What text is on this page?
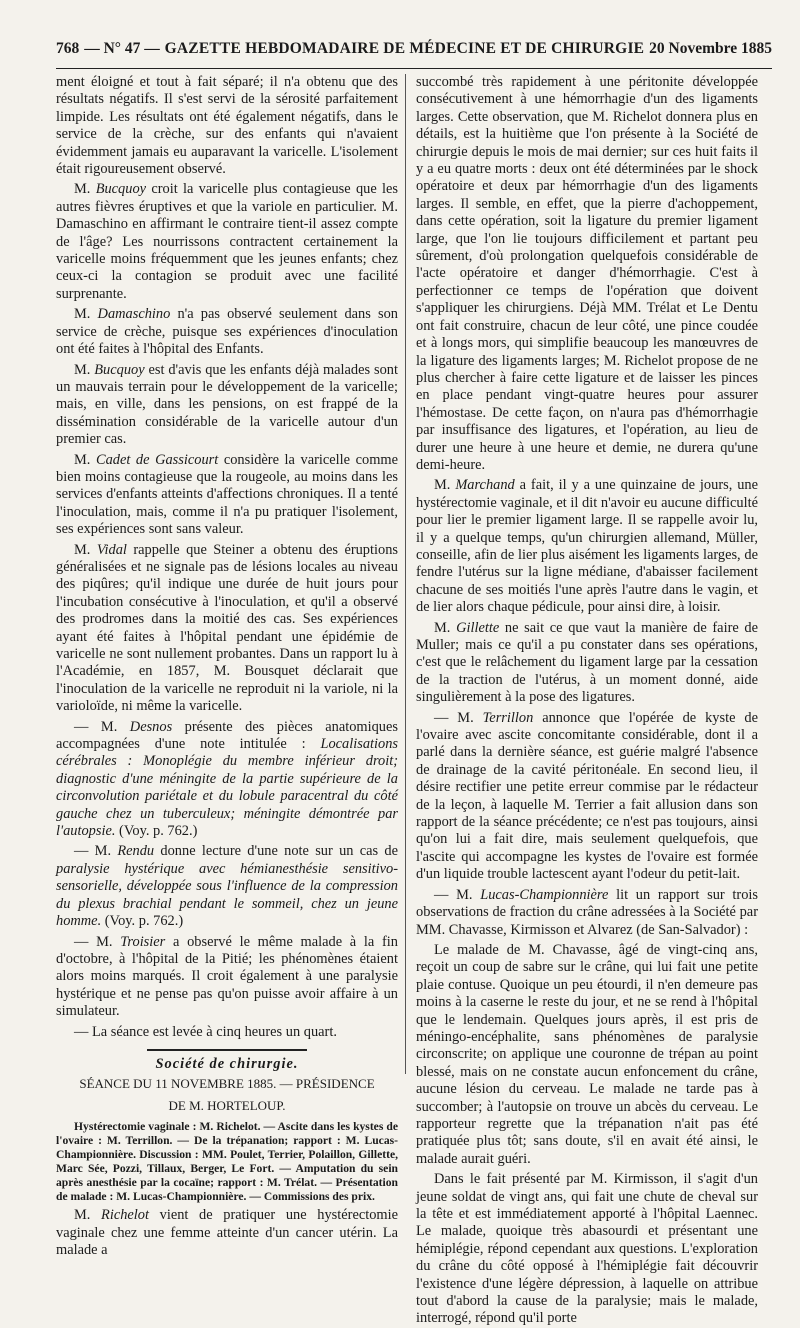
768 — N° 47 — GAZETTE HEBDOMADAIRE DE MÉDECINE ET DE CHIRURGIE 20 Novembre 1885

ment éloigné et tout à fait séparé; il n'a obtenu que des résultats négatifs. Il s'est servi de la sérosité parfaitement limpide. Les résultats ont été également négatifs, dans le service de la crèche, sur des enfants qui n'avaient évidemment jamais eu auparavant la varicelle. L'isolement était rigoureusement observé.

M. Bucquoy croit la varicelle plus contagieuse que les autres fièvres éruptives et que la variole en particulier. M. Damaschino en affirmant le contraire tient-il assez compte de l'âge? Les nourrissons contractent certainement la varicelle moins fréquemment que les jeunes enfants; chez ceux-ci la contagion se produit avec une facilité surprenante.

M. Damaschino n'a pas observé seulement dans son service de crèche, puisque ses expériences d'inoculation ont été faites à l'hôpital des Enfants.

M. Bucquoy est d'avis que les enfants déjà malades sont un mauvais terrain pour le développement de la varicelle; mais, en ville, dans les pensions, on est frappé de la dissémination considérable de la varicelle autour d'un premier cas.

M. Cadet de Gassicourt considère la varicelle comme bien moins contagieuse que la rougeole, au moins dans les services d'enfants atteints d'affections chroniques. Il a tenté l'inoculation, mais, comme il n'a pu pratiquer l'isolement, ses expériences sont sans valeur.

M. Vidal rappelle que Steiner a obtenu des éruptions généralisées et ne signale pas de lésions locales au niveau des piqûres; qu'il indique une durée de huit jours pour l'incubation consécutive à l'inoculation, et qu'il a observé des prodromes dans la moitié des cas. Ses expériences ayant été faites à l'hôpital pendant une épidémie de varicelle ne sont nullement probantes. Dans un rapport lu à l'Académie, en 1857, M. Bousquet déclarait que l'inoculation de la varicelle ne reproduit ni la variole, ni la varioloïde, ni même la varicelle.

— M. Desnos présente des pièces anatomiques accompagnées d'une note intitulée : Localisations cérébrales : Monoplégie du membre inférieur droit; diagnostic d'une méningite de la partie supérieure de la circonvolution pariétale et du lobule paracentral du côté gauche chez un tuberculeux; méningite démontrée par l'autopsie. (Voy. p. 762.)

— M. Rendu donne lecture d'une note sur un cas de paralysie hystérique avec hémianesthésie sensitivo-sensorielle, développée sous l'influence de la compression du plexus brachial pendant le sommeil, chez un jeune homme. (Voy. p. 762.)

— M. Troisier a observé le même malade à la fin d'octobre, à l'hôpital de la Pitié; les phénomènes étaient alors moins marqués. Il croit également à une paralysie hystérique et ne pense pas qu'on puisse avoir affaire à un simulateur.

— La séance est levée à cinq heures un quart.

Société de chirurgie.
SÉANCE DU 11 NOVEMBRE 1885. — PRÉSIDENCE
DE M. HORTELOUP.

Hystérectomie vaginale : M. Richelot. — Ascite dans les kystes de l'ovaire : M. Terrillon. — De la trépanation; rapport : M. Lucas-Championnière. Discussion : MM. Poulet, Terrier, Polaillon, Gillette, Marc Sée, Pozzi, Tillaux, Berger, Le Fort. — Amputation du sein après anesthésie par la cocaïne; rapport : M. Trélat. — Présentation de malade : M. Lucas-Championnière. — Commissions des prix.

M. Richelot vient de pratiquer une hystérectomie vaginale chez une femme atteinte d'un cancer utérin. La malade a

succombé très rapidement à une péritonite développée consécutivement à une hémorrhagie d'un des ligaments larges. Cette observation, que M. Richelot donnera plus en détails, est la huitième que l'on présente à la Société de chirurgie depuis le mois de mai dernier; sur ces huit faits il y a eu quatre morts : deux ont été déterminées par le shock opératoire et deux par hémorrhagie d'un des ligaments larges. Il semble, en effet, que la pierre d'achoppement, dans cette opération, soit la ligature du premier ligament large, que l'on lie toujours difficilement et partant peu sûrement, d'où prolongation quelquefois considérable de l'acte opératoire et danger d'hémorrhagie. C'est à perfectionner ce temps de l'opération que doivent s'appliquer les chirurgiens. Déjà MM. Trélat et Le Dentu ont fait construire, chacun de leur côté, une pince coudée et à longs mors, qui simplifie beaucoup les manœuvres de la ligature des ligaments larges; M. Richelot propose de ne plus chercher à faire cette ligature et de laisser les pinces en place pendant vingt-quatre heures pour assurer l'hémostase. De cette façon, on n'aura pas d'hémorrhagie par insuffisance des ligatures, et l'opération, au lieu de durer une heure à une heure et demie, ne durera qu'une demi-heure.

M. Marchand a fait, il y a une quinzaine de jours, une hystérectomie vaginale, et il dit n'avoir eu aucune difficulté pour lier le premier ligament large. Il se rappelle avoir lu, il y a quelque temps, qu'un chirurgien allemand, Müller, conseille, afin de lier plus aisément les ligaments larges, de fendre l'utérus sur la ligne médiane, d'abaisser facilement chacune de ses moitiés l'une après l'autre dans le vagin, et de lier alors chaque pédicule, pour ainsi dire, à loisir.

M. Gillette ne sait ce que vaut la manière de faire de Muller; mais ce qu'il a pu constater dans ses opérations, c'est que le relâchement du ligament large par la cessation de la traction de l'utérus, à un moment donné, aide singulièrement à la pose des ligatures.

— M. Terrillon annonce que l'opérée de kyste de l'ovaire avec ascite concomitante considérable, dont il a parlé dans la dernière séance, est guérie malgré l'absence de drainage de la cavité péritonéale. En second lieu, il désire rectifier une petite erreur commise par le rédacteur de la leçon, à laquelle M. Terrier a fait allusion dans son rapport de la séance précédente; ce n'est pas toujours, ainsi qu'on lui a fait dire, mais seulement quelquefois, que l'ascite qui accompagne les kystes de l'ovaire est formée d'un liquide trouble lactescent ayant l'odeur du petit-lait.

— M. Lucas-Championnière lit un rapport sur trois observations de fraction du crâne adressées à la Société par MM. Chavasse, Kirmisson et Alvarez (de San-Salvador) :

Le malade de M. Chavasse, âgé de vingt-cinq ans, reçoit un coup de sabre sur le crâne, qui lui fait une petite plaie contuse. Quoique un peu étourdi, il n'en demeure pas moins à la caserne le reste du jour, et ne se rend à l'hôpital que le lendemain. Quelques jours après, il est pris de méningo-encéphalite, sans phénomènes de paralysie circonscrite; on applique une couronne de trépan au point blessé, mais on ne constate aucun enfoncement du crâne, aucune lésion du cerveau. Le malade ne tarde pas à succomber; à l'autopsie on trouve un abcès du cerveau. Le rapporteur regrette que la trépanation n'ait pas été pratiquée plus tôt; sans doute, s'il en avait été ainsi, le malade aurait guéri.

Dans le fait présenté par M. Kirmisson, il s'agit d'un jeune soldat de vingt ans, qui fait une chute de cheval sur la tête et est immédiatement apporté à l'hôpital Laennec. Le malade, quoique très abasourdi et présentant une hémiplégie, répond cependant aux questions. L'exploration du crâne du côté opposé à l'hémiplégie fait découvrir l'existence d'une légère dépression, à laquelle on attribue tout d'abord la cause de la paralysie; mais le malade, interrogé, répond qu'il porte
